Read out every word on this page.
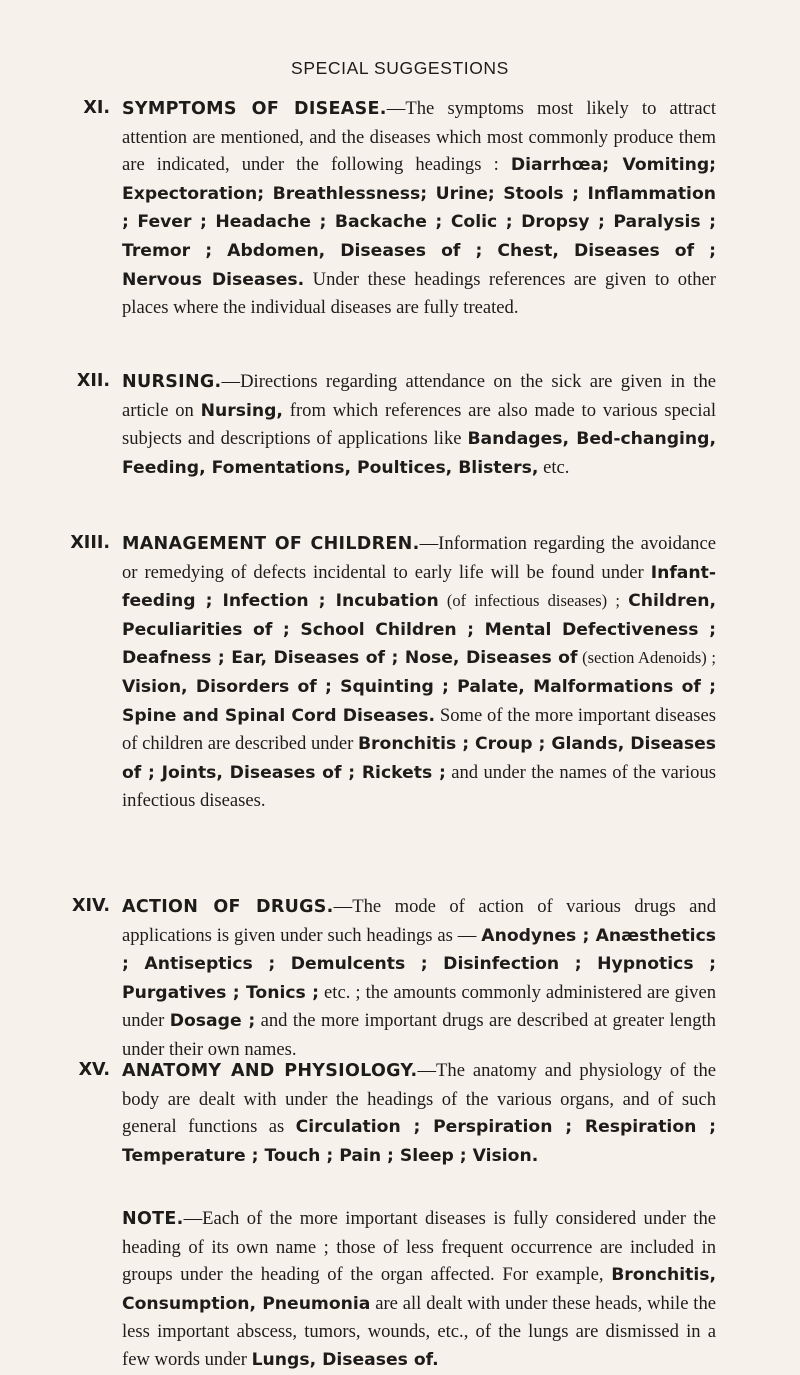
SPECIAL SUGGESTIONS
XI. SYMPTOMS OF DISEASE.—The symptoms most likely to attract attention are mentioned, and the diseases which most commonly produce them are indicated, under the following headings : Diarrhœa; Vomiting; Expectoration; Breathlessness; Urine; Stools ; Inflammation ; Fever ; Headache ; Backache ; Colic ; Dropsy ; Paralysis ; Tremor ; Abdomen, Diseases of ; Chest, Diseases of ; Nervous Diseases. Under these headings references are given to other places where the individual diseases are fully treated.
XII. NURSING.—Directions regarding attendance on the sick are given in the article on Nursing, from which references are also made to various special subjects and descriptions of applications like Bandages, Bed-changing, Feeding, Fomentations, Poultices, Blisters, etc.
XIII. MANAGEMENT OF CHILDREN.—Information regarding the avoidance or remedying of defects incidental to early life will be found under Infant-feeding ; Infection ; Incubation (of infectious diseases) ; Children, Peculiarities of ; School Children ; Mental Defectiveness ; Deafness ; Ear, Diseases of ; Nose, Diseases of (section Adenoids) ; Vision, Disorders of ; Squinting ; Palate, Malformations of ; Spine and Spinal Cord Diseases. Some of the more important diseases of children are described under Bronchitis ; Croup ; Glands, Diseases of ; Joints, Diseases of ; Rickets ; and under the names of the various infectious diseases.
XIV. ACTION OF DRUGS.—The mode of action of various drugs and applications is given under such headings as — Anodynes ; Anæsthetics ; Antiseptics ; Demulcents ; Disinfection ; Hypnotics ; Purgatives ; Tonics ; etc. ; the amounts commonly administered are given under Dosage ; and the more important drugs are described at greater length under their own names.
XV. ANATOMY AND PHYSIOLOGY.—The anatomy and physiology of the body are dealt with under the headings of the various organs, and of such general functions as Circulation ; Perspiration ; Respiration ; Temperature ; Touch ; Pain ; Sleep ; Vision.
NOTE.—Each of the more important diseases is fully considered under the heading of its own name ; those of less frequent occurrence are included in groups under the heading of the organ affected. For example, Bronchitis, Consumption, Pneumonia are all dealt with under these heads, while the less important abscess, tumors, wounds, etc., of the lungs are dismissed in a few words under Lungs, Diseases of.
